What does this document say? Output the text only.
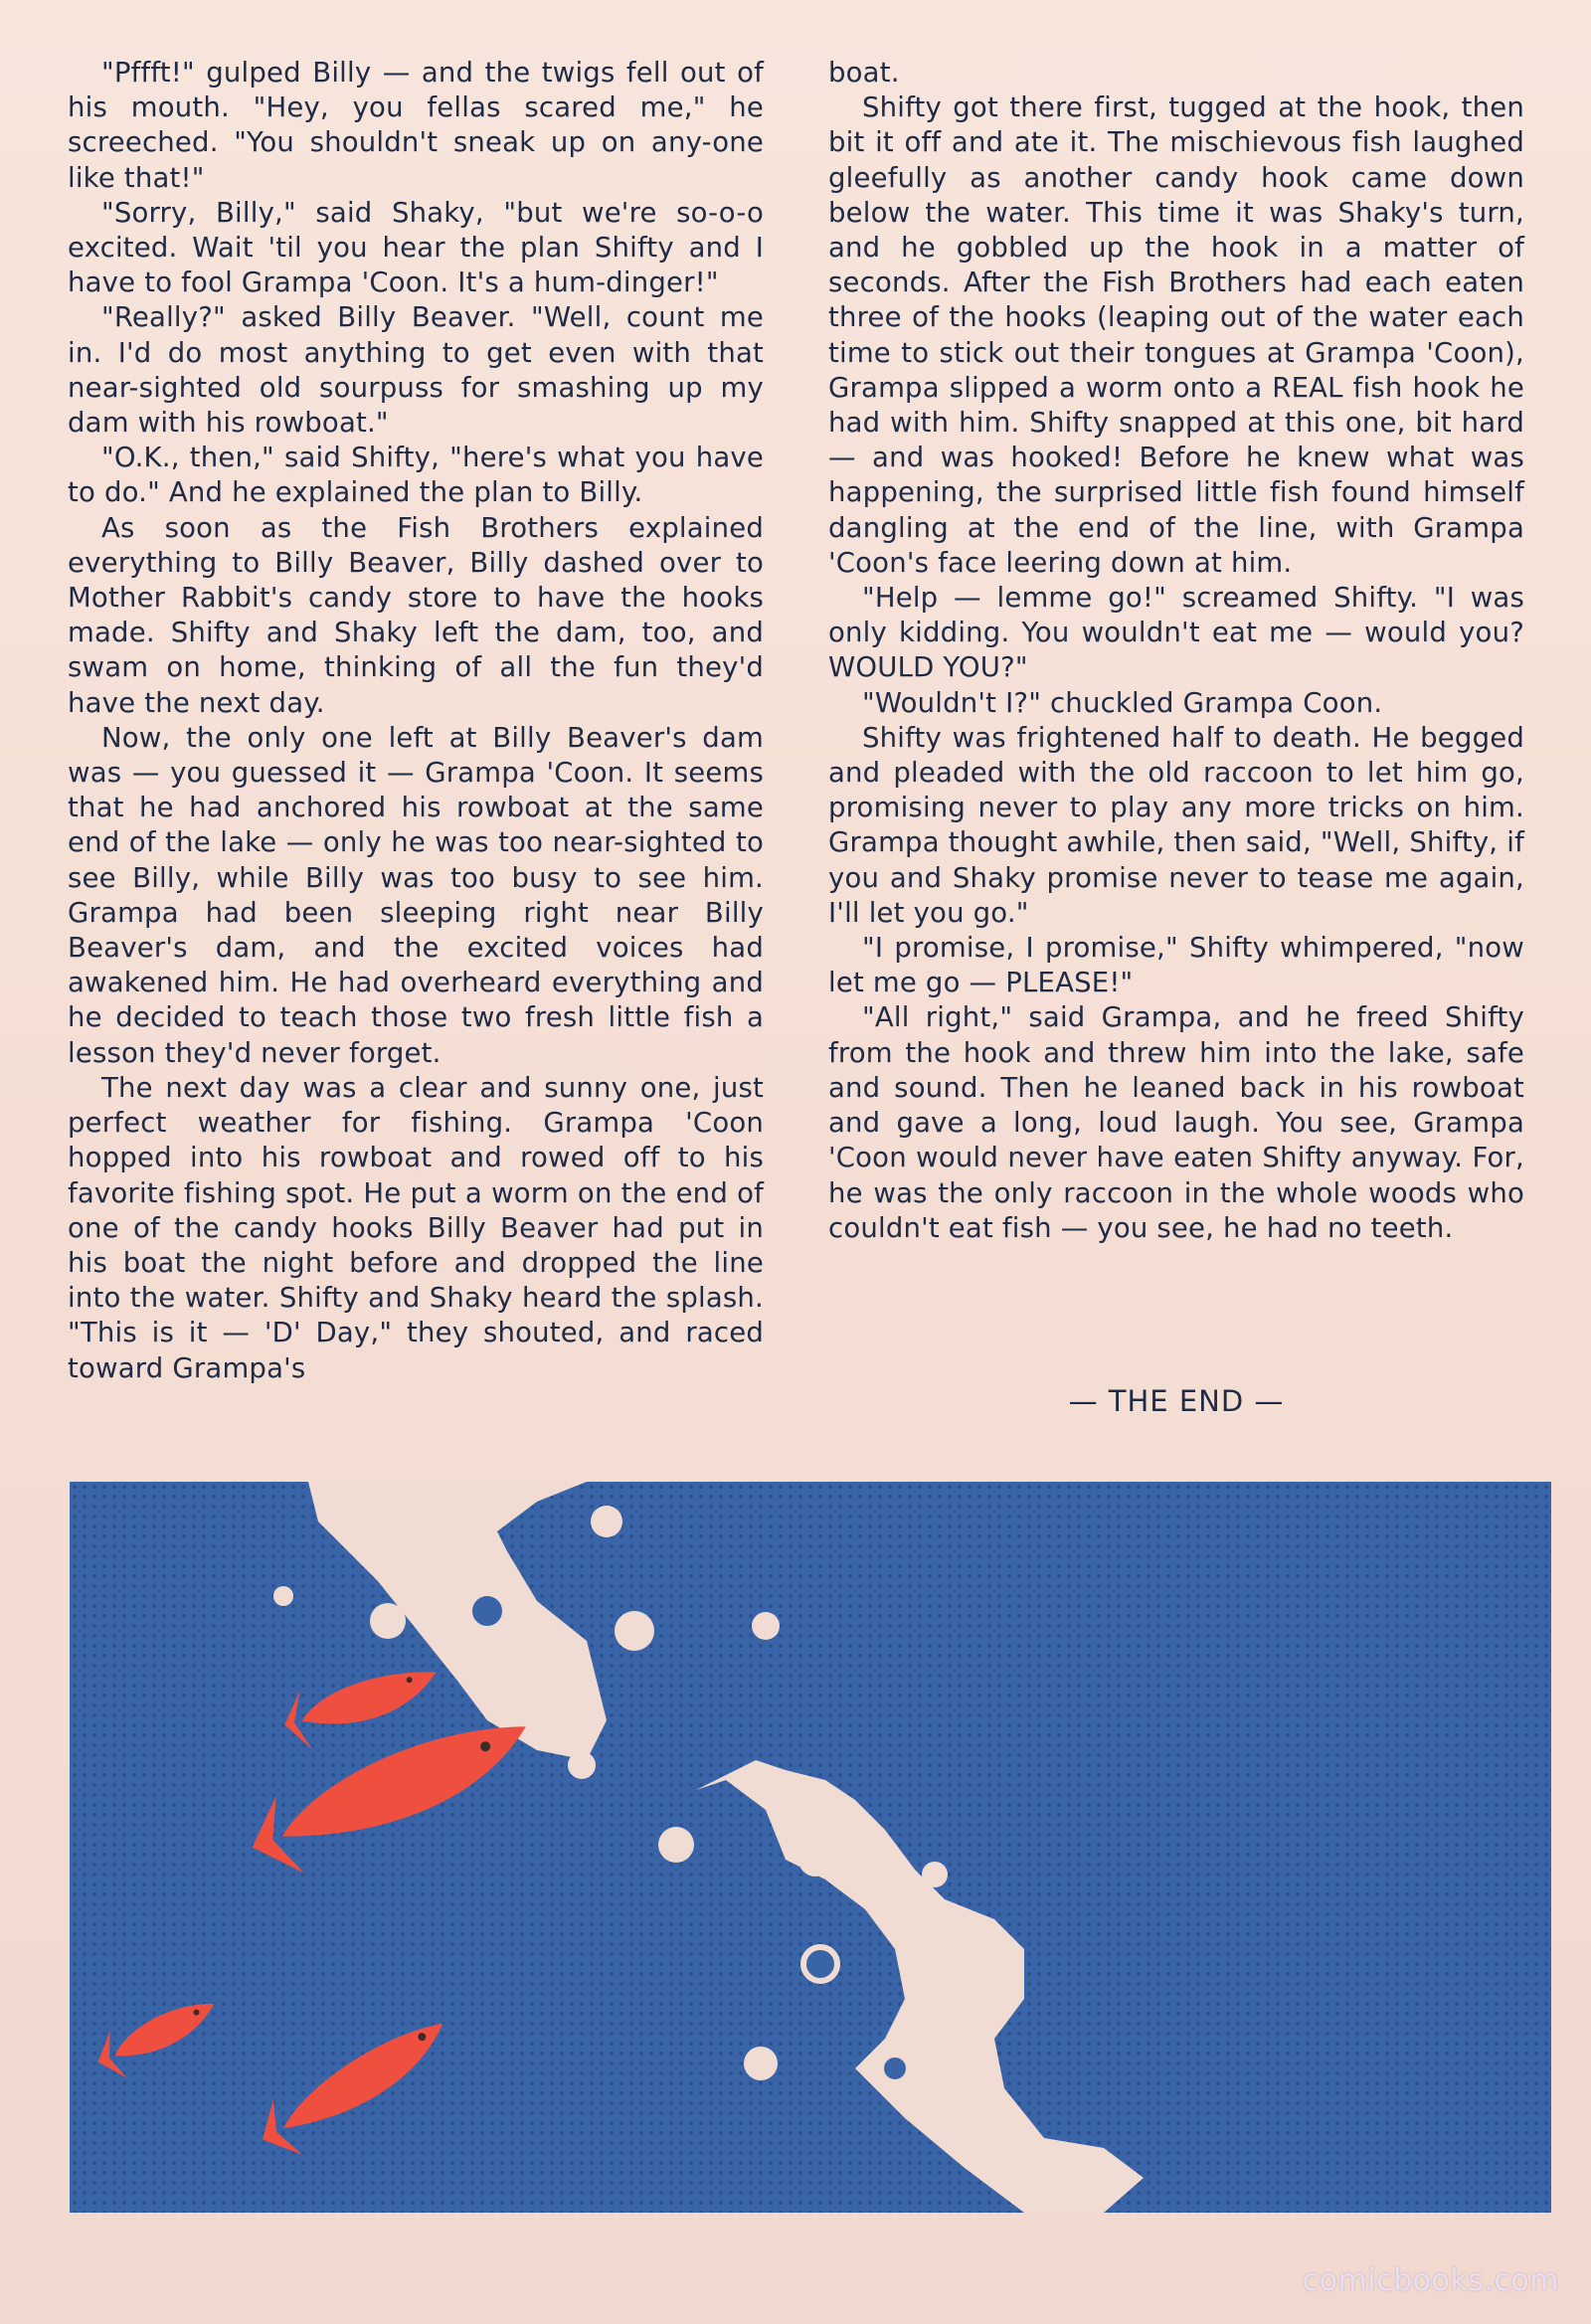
"Pffft!" gulped Billy — and the twigs fell out of his mouth. "Hey, you fellas scared me," he screeched. "You shouldn't sneak up on any-one like that!"

"Sorry, Billy," said Shaky, "but we're so-o-o excited. Wait 'til you hear the plan Shifty and I have to fool Grampa 'Coon. It's a hum-dinger!"

"Really?" asked Billy Beaver. "Well, count me in. I'd do most anything to get even with that near-sighted old sourpuss for smashing up my dam with his rowboat."

"O.K., then," said Shifty, "here's what you have to do." And he explained the plan to Billy.

As soon as the Fish Brothers explained everything to Billy Beaver, Billy dashed over to Mother Rabbit's candy store to have the hooks made. Shifty and Shaky left the dam, too, and swam on home, thinking of all the fun they'd have the next day.

Now, the only one left at Billy Beaver's dam was — you guessed it — Grampa 'Coon. It seems that he had anchored his rowboat at the same end of the lake — only he was too near-sighted to see Billy, while Billy was too busy to see him. Grampa had been sleeping right near Billy Beaver's dam, and the excited voices had awakened him. He had overheard everything and he decided to teach those two fresh little fish a lesson they'd never forget.

The next day was a clear and sunny one, just perfect weather for fishing. Grampa 'Coon hopped into his rowboat and rowed off to his favorite fishing spot. He put a worm on the end of one of the candy hooks Billy Beaver had put in his boat the night before and dropped the line into the water. Shifty and Shaky heard the splash. "This is it — 'D' Day," they shouted, and raced toward Grampa's

boat.

Shifty got there first, tugged at the hook, then bit it off and ate it. The mischievous fish laughed gleefully as another candy hook came down below the water. This time it was Shaky's turn, and he gobbled up the hook in a matter of seconds. After the Fish Brothers had each eaten three of the hooks (leaping out of the water each time to stick out their tongues at Grampa 'Coon), Grampa slipped a worm onto a REAL fish hook he had with him. Shifty snapped at this one, bit hard — and was hooked! Before he knew what was happening, the surprised little fish found himself dangling at the end of the line, with Grampa 'Coon's face leering down at him.

"Help — lemme go!" screamed Shifty. "I was only kidding. You wouldn't eat me — would you? WOULD YOU?"

"Wouldn't I?" chuckled Grampa Coon.

Shifty was frightened half to death. He begged and pleaded with the old raccoon to let him go, promising never to play any more tricks on him. Grampa thought awhile, then said, "Well, Shifty, if you and Shaky promise never to tease me again, I'll let you go."

"I promise, I promise," Shifty whimpered, "now let me go — PLEASE!"

"All right," said Grampa, and he freed Shifty from the hook and threw him into the lake, safe and sound. Then he leaned back in his rowboat and gave a long, loud laugh. You see, Grampa 'Coon would never have eaten Shifty anyway. For, he was the only raccoon in the whole woods who couldn't eat fish — you see, he had no teeth.

— THE END —
comicbooks.com
